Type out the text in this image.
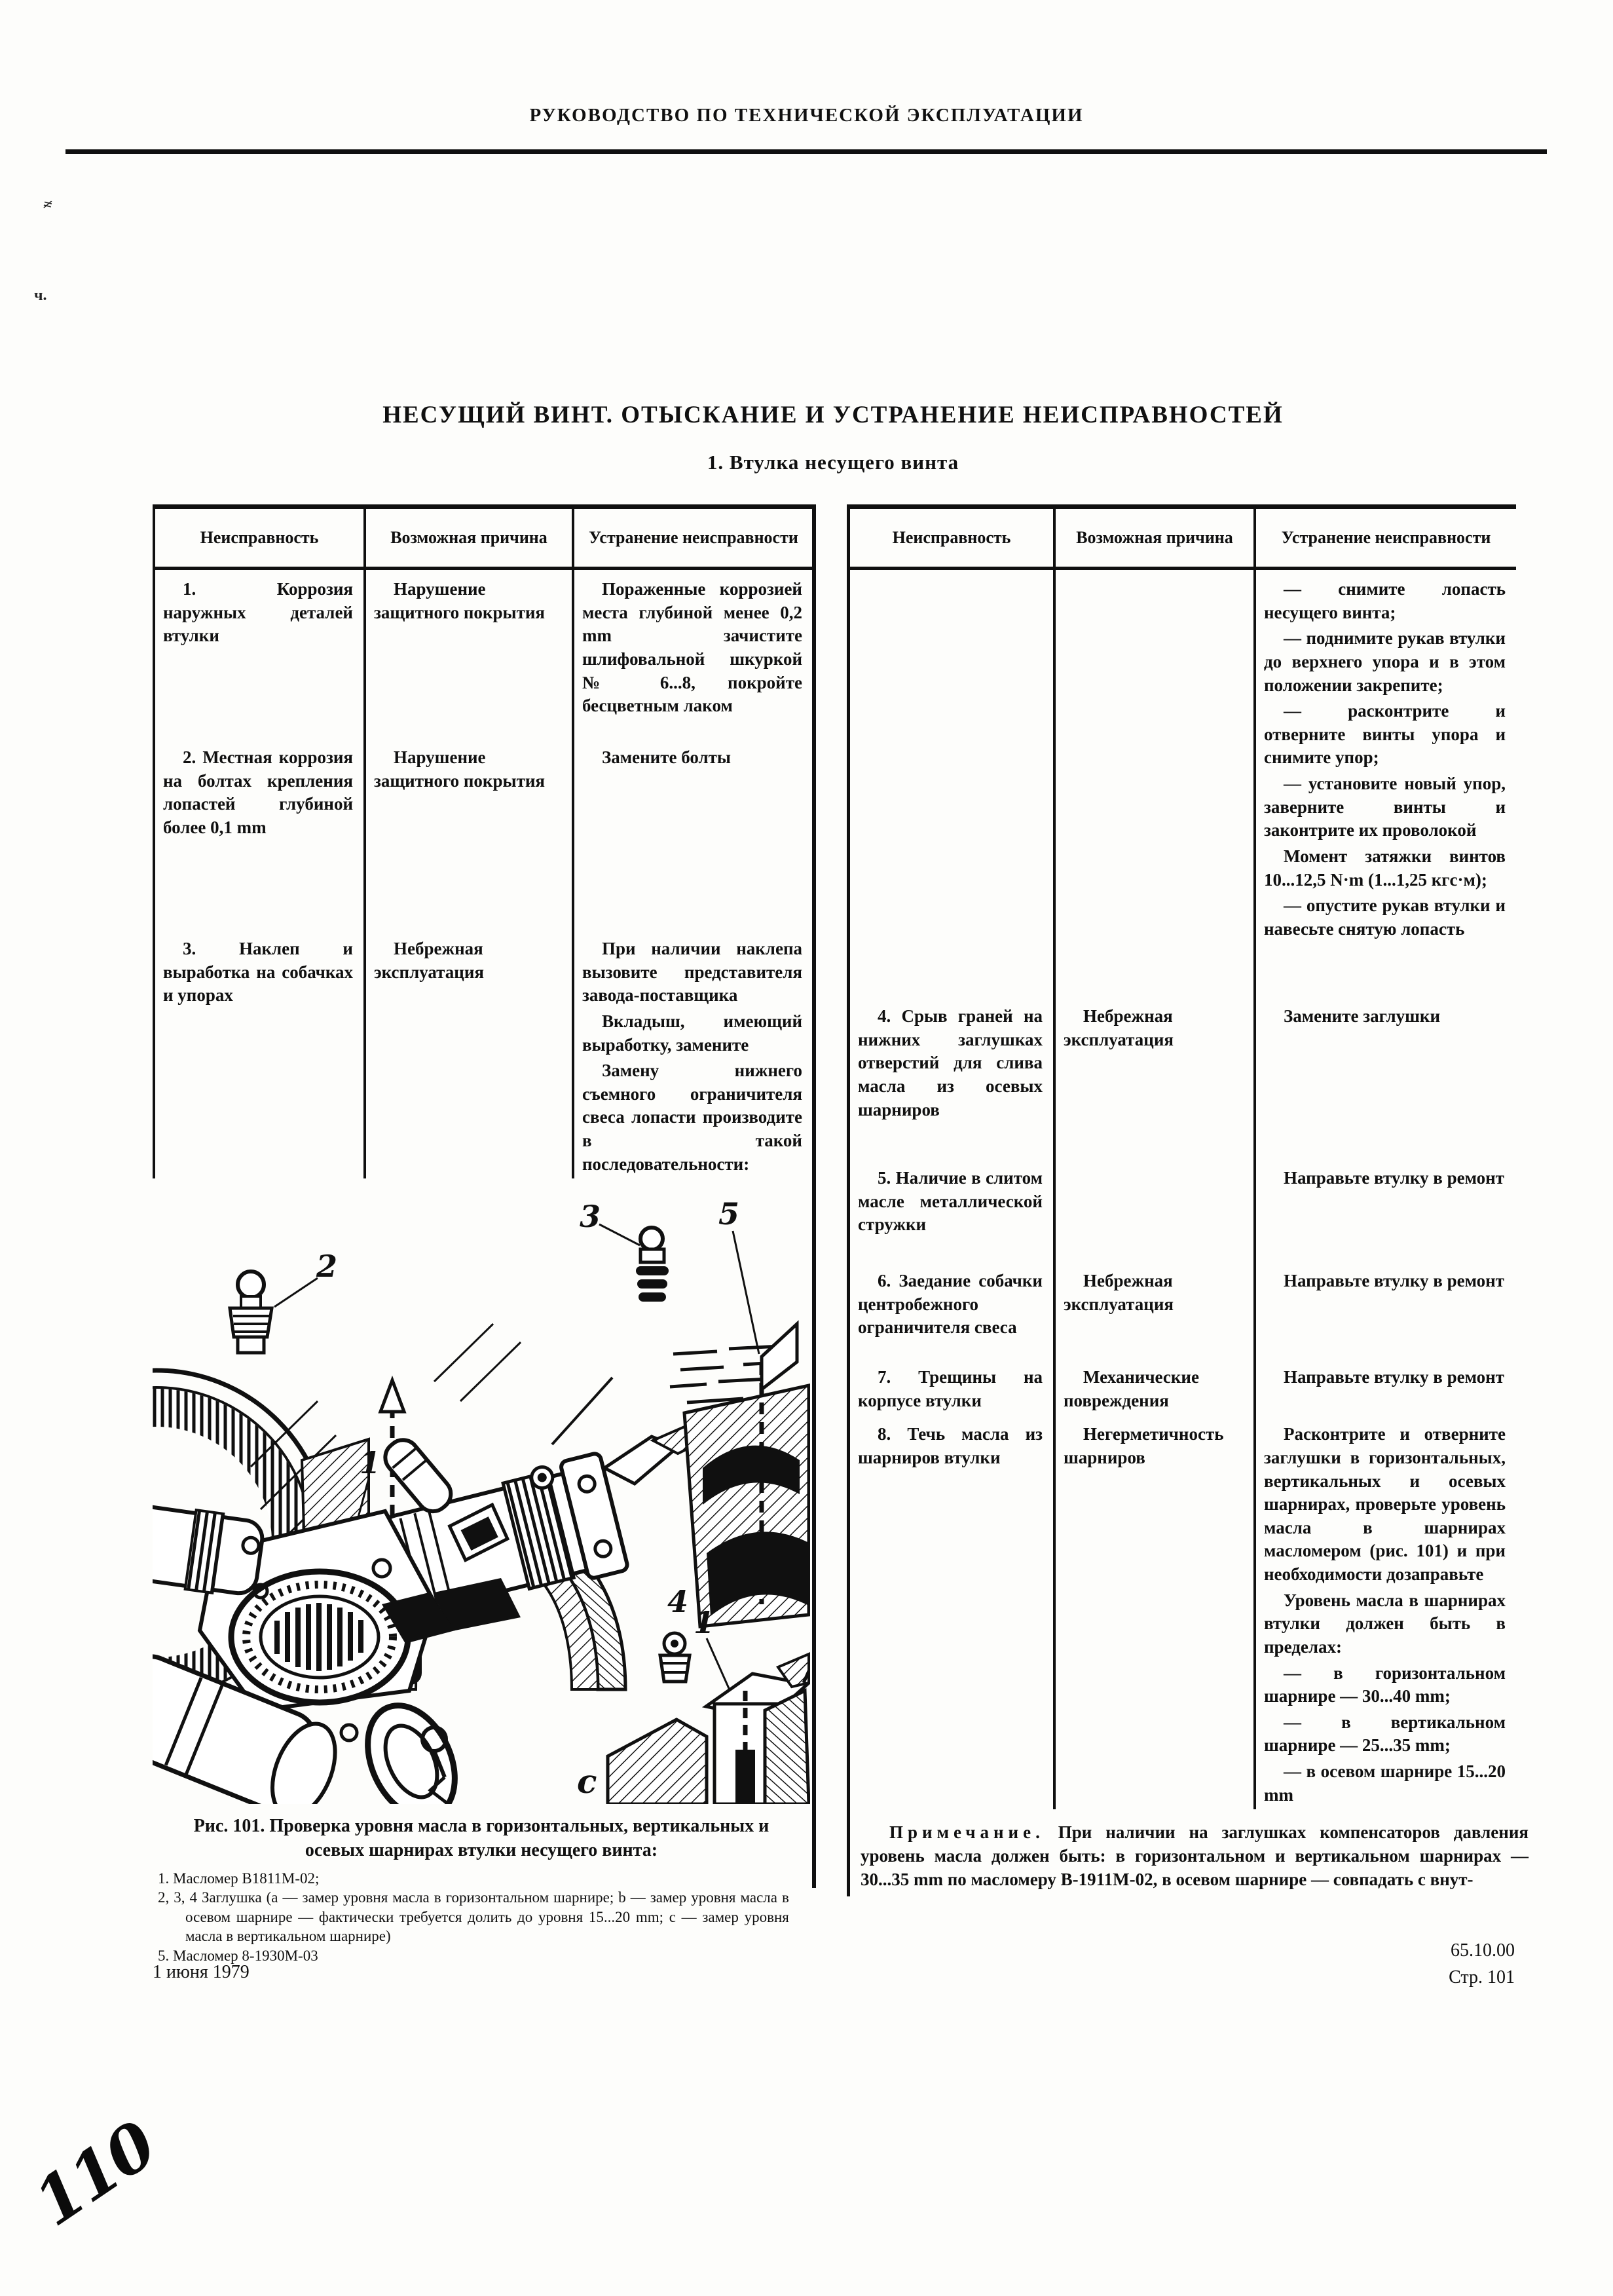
≠
ч.
РУКОВОДСТВО ПО ТЕХНИЧЕСКОЙ ЭКСПЛУАТАЦИИ
НЕСУЩИЙ ВИНТ. ОТЫСКАНИЕ И УСТРАНЕНИЕ НЕИСПРАВНОСТЕЙ
1. Втулка несущего винта
Неисправность	Возможная причина	Устранение неисправности

1. Коррозия наружных деталей втулки	Нарушение защитного покрытия	Пораженные коррозией места глубиной менее 0,2 mm зачистите шлифовальной шкуркой № 6...8, покройте бесцветным лаком

2. Местная коррозия на болтах крепления лопастей глубиной более 0,1 mm	Нарушение защитного покрытия	Замените болты

3. Наклеп и выработка на собачках и упорах	Небрежная эксплуатация	При наличии наклепа вызовите представителя завода-поставщика

Вкладыш, имеющий выработку, замените

Замену нижнего съемного ограничителя свеса лопасти производите в такой последовательности:

2
1
3	5
4
1
c

Рис. 101. Проверка уровня масла в горизонтальных, вертикальных и осевых шарнирах втулки несущего винта:

1. Масломер В1811М-02;

2, 3, 4 Заглушка (a — замер уровня масла в горизонтальном шарнире; b — замер уровня масла в осевом шарнире — фактически требуется долить до уровня 15...20 mm; c — замер уровня масла в вертикальном шарнире)

5. Масломер 8-1930М-03

Неисправность	Возможная причина	Устранение неисправности

— снимите лопасть несущего винта;

— поднимите рукав втулки до верхнего упора и в этом положении закрепите;

— расконтрите и отверните винты упора и снимите упор;

— установите новый упор, заверните винты и законтрите их проволокой

Момент затяжки винтов 10...12,5 N·m (1...1,25 кгс·м);

— опустите рукав втулки и навесьте снятую лопасть

4. Срыв граней на нижних заглушках отверстий для слива масла из осевых шарниров	Небрежная эксплуатация	Замените заглушки

5. Наличие в слитом масле металлической стружки		Направьте втулку в ремонт

6. Заедание собачки центробежного ограничителя свеса	Небрежная эксплуатация	Направьте втулку в ремонт

7. Трещины на корпусе втулки	Механические повреждения	Направьте втулку в ремонт

8. Течь масла из шарниров втулки	Негерметичность шарниров	Расконтрите и отверните заглушки в горизонтальных, вертикальных и осевых шарнирах, проверьте уровень масла в шарнирах масломером (рис. 101) и при необходимости дозаправьте

Уровень масла в шарнирах втулки должен быть в пределах:

— в горизонтальном шарнире — 30...40 mm;

— в вертикальном шарнире — 25...35 mm;

— в осевом шарнире 15...20 mm

Примечание. При наличии на заглушках компенсаторов давления уровень масла должен быть: в горизонтальном и вертикальном шарнирах — 30...35 mm по масломеру В-1911М-02, в осевом шарнире — совпадать с внут-

1 июня 1979
65.10.00
Стр. 101
110
